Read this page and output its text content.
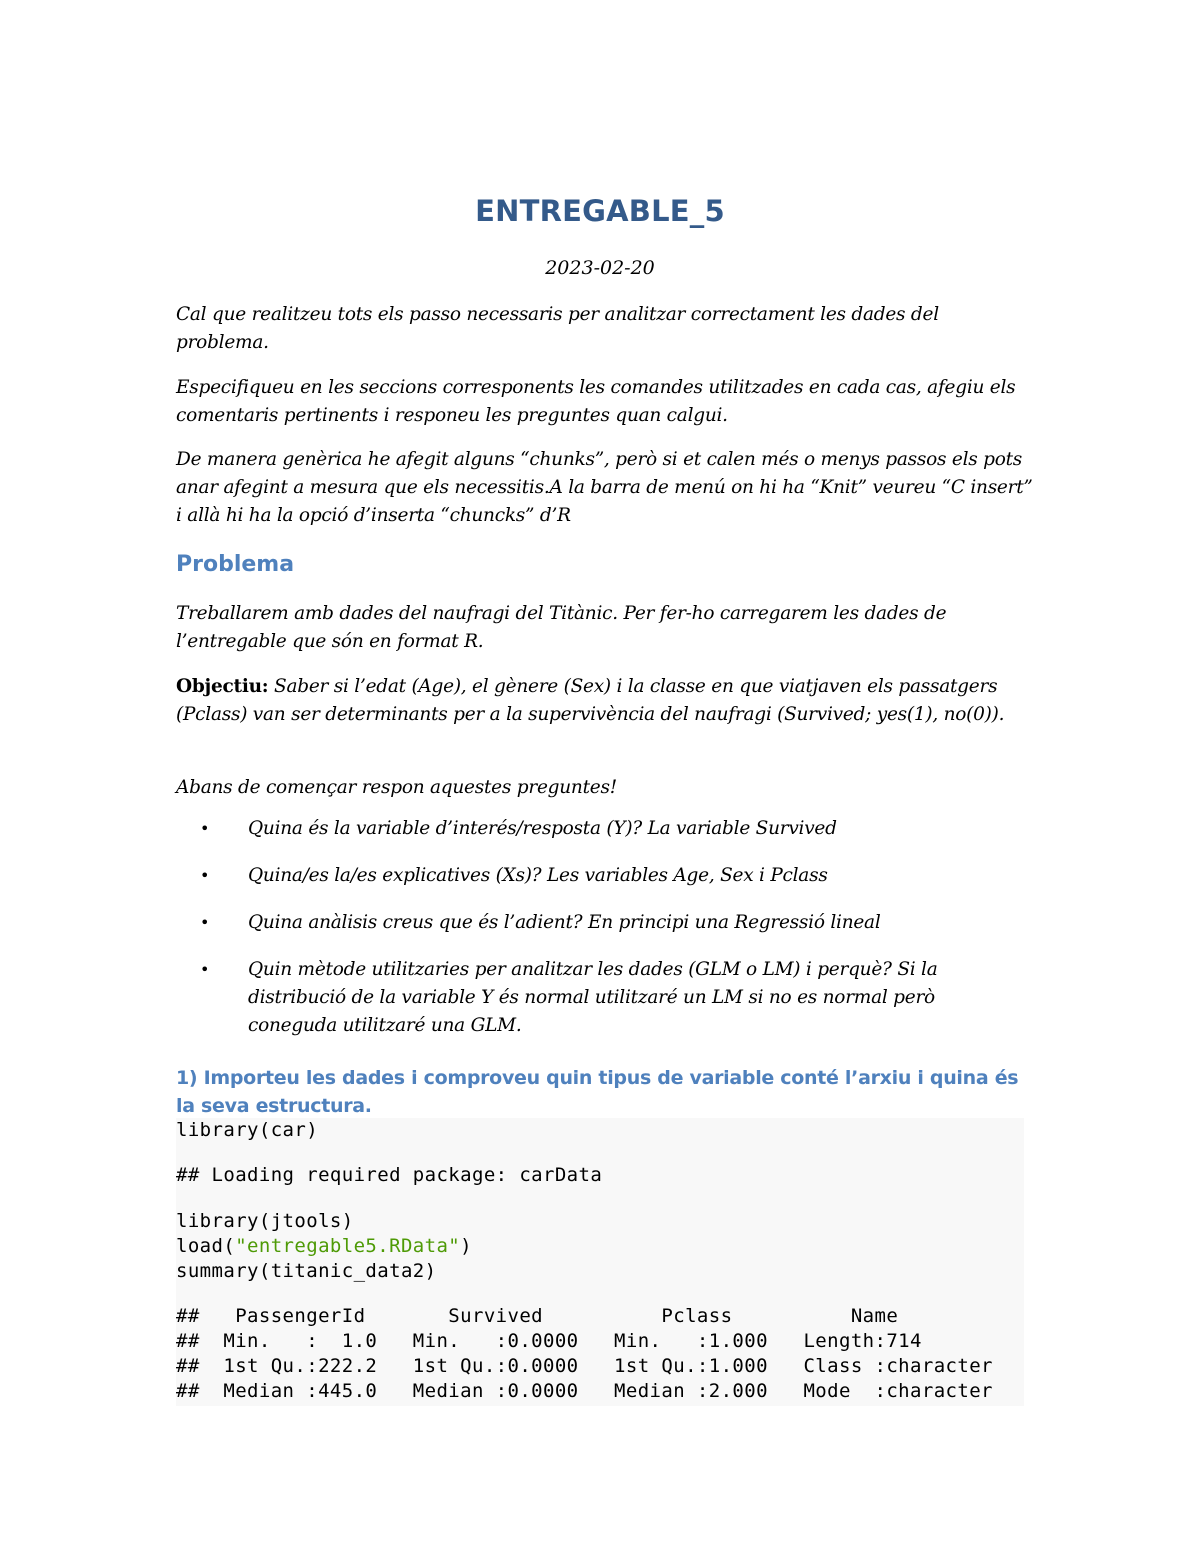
ENTREGABLE_5
2023-02-20
Cal que realitzeu tots els passo necessaris per analitzar correctament les dades del problema.
Especifiqueu en les seccions corresponents les comandes utilitzades en cada cas, afegiu els comentaris pertinents i responeu les preguntes quan calgui.
De manera genèrica he afegit alguns “chunks”, però si et calen més o menys passos els pots anar afegint a mesura que els necessitis.A la barra de menú on hi ha “Knit” veureu “C insert” i allà hi ha la opció d’inserta “chuncks” d’R
Problema
Treballarem amb dades del naufragi del Titànic. Per fer-ho carregarem les dades de l’entregable que són en format R.
Objectiu: Saber si l’edat (Age), el gènere (Sex) i la classe en que viatjaven els passatgers (Pclass) van ser determinants per a la supervivència del naufragi (Survived; yes(1), no(0)).
Abans de començar respon aquestes preguntes!
• Quina és la variable d’interés/resposta (Y)? La variable Survived
• Quina/es la/es explicatives (Xs)? Les variables Age, Sex i Pclass
• Quina anàlisis creus que és l’adient? En principi una Regressió lineal
• Quin mètode utilitzaries per analitzar les dades (GLM o LM) i perquè? Si la distribució de la variable Y és normal utilitzaré un LM si no es normal però coneguda utilitzaré una GLM.
1) Importeu les dades i comproveu quin tipus de variable conté l’arxiu i quina és la seva estructura.
library(car)
## Loading required package: carData
library(jtools)
load("entregable5.RData")
summary(titanic_data2)
##   PassengerId       Survived          Pclass          Name
##  Min.   :  1.0   Min.   :0.0000   Min.   :1.000   Length:714
##  1st Qu.:222.2   1st Qu.:0.0000   1st Qu.:1.000   Class :character
##  Median :445.0   Median :0.0000   Median :2.000   Mode  :character
